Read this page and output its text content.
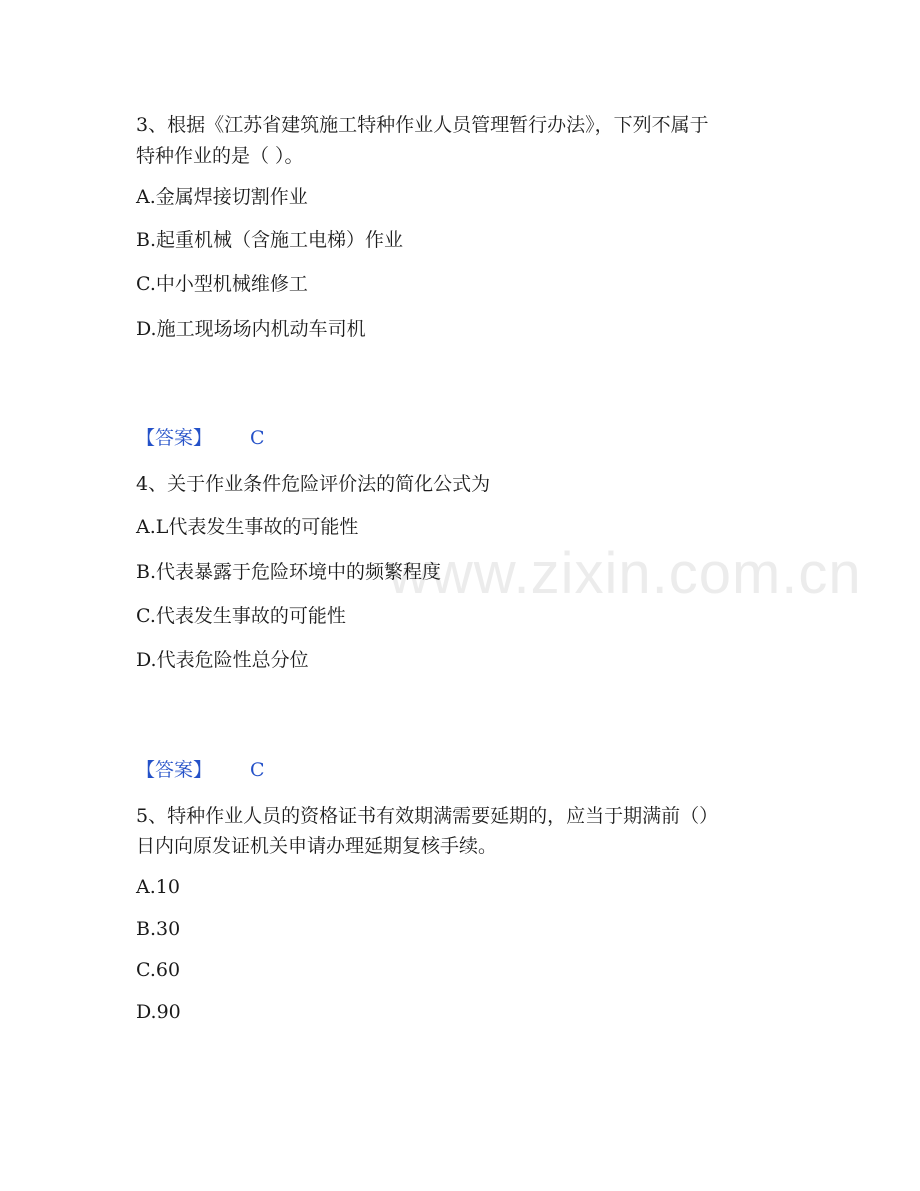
www.zixin.com.cn
3、根据《江苏省建筑施工特种作业人员管理暂行办法》，下列不属于
特种作业的是（ ）。
A.金属焊接切割作业
B.起重机械（含施工电梯）作业
C.中小型机械维修工
D.施工现场场内机动车司机
【答案】 C
4、关于作业条件危险评价法的简化公式为
A.L代表发生事故的可能性
B.代表暴露于危险环境中的频繁程度
C.代表发生事故的可能性
D.代表危险性总分位
【答案】 C
5、特种作业人员的资格证书有效期满需要延期的，应当于期满前（）
日内向原发证机关申请办理延期复核手续。
A.10
B.30
C.60
D.90
